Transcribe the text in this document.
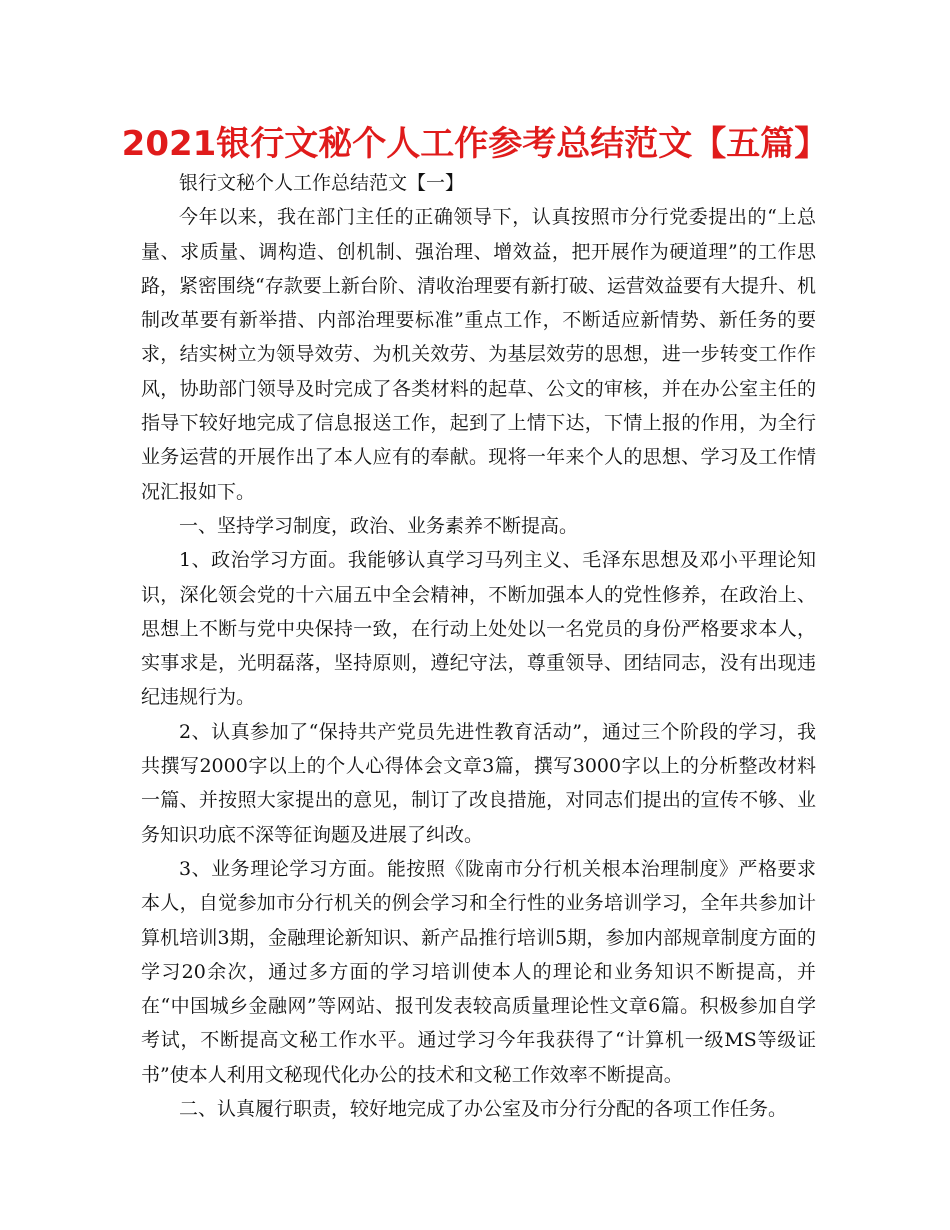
2021银行文秘个人工作参考总结范文【五篇】

银行文秘个人工作总结范文【一】

今年以来，我在部门主任的正确领导下，认真按照市分行党委提出的“上总量、求质量、调构造、创机制、强治理、增效益，把开展作为硬道理”的工作思路，紧密围绕“存款要上新台阶、清收治理要有新打破、运营效益要有大提升、机制改革要有新举措、内部治理要标准”重点工作，不断适应新情势、新任务的要求，结实树立为领导效劳、为机关效劳、为基层效劳的思想，进一步转变工作作风，协助部门领导及时完成了各类材料的起草、公文的审核，并在办公室主任的指导下较好地完成了信息报送工作，起到了上情下达，下情上报的作用，为全行业务运营的开展作出了本人应有的奉献。现将一年来个人的思想、学习及工作情况汇报如下。

一、坚持学习制度，政治、业务素养不断提高。

1、政治学习方面。我能够认真学习马列主义、毛泽东思想及邓小平理论知识，深化领会党的十六届五中全会精神，不断加强本人的党性修养，在政治上、思想上不断与党中央保持一致，在行动上处处以一名党员的身份严格要求本人，实事求是，光明磊落，坚持原则，遵纪守法，尊重领导、团结同志，没有出现违纪违规行为。

2、认真参加了“保持共产党员先进性教育活动”，通过三个阶段的学习，我共撰写2000字以上的个人心得体会文章3篇，撰写3000字以上的分析整改材料一篇、并按照大家提出的意见，制订了改良措施，对同志们提出的宣传不够、业务知识功底不深等征询题及进展了纠改。

3、业务理论学习方面。能按照《陇南市分行机关根本治理制度》严格要求本人，自觉参加市分行机关的例会学习和全行性的业务培训学习，全年共参加计算机培训3期，金融理论新知识、新产品推行培训5期，参加内部规章制度方面的学习20余次，通过多方面的学习培训使本人的理论和业务知识不断提高，并在“中国城乡金融网”等网站、报刊发表较高质量理论性文章6篇。积极参加自学考试，不断提高文秘工作水平。通过学习今年我获得了“计算机一级MS等级证书”使本人利用文秘现代化办公的技术和文秘工作效率不断提高。

二、认真履行职责，较好地完成了办公室及市分行分配的各项工作任务。
